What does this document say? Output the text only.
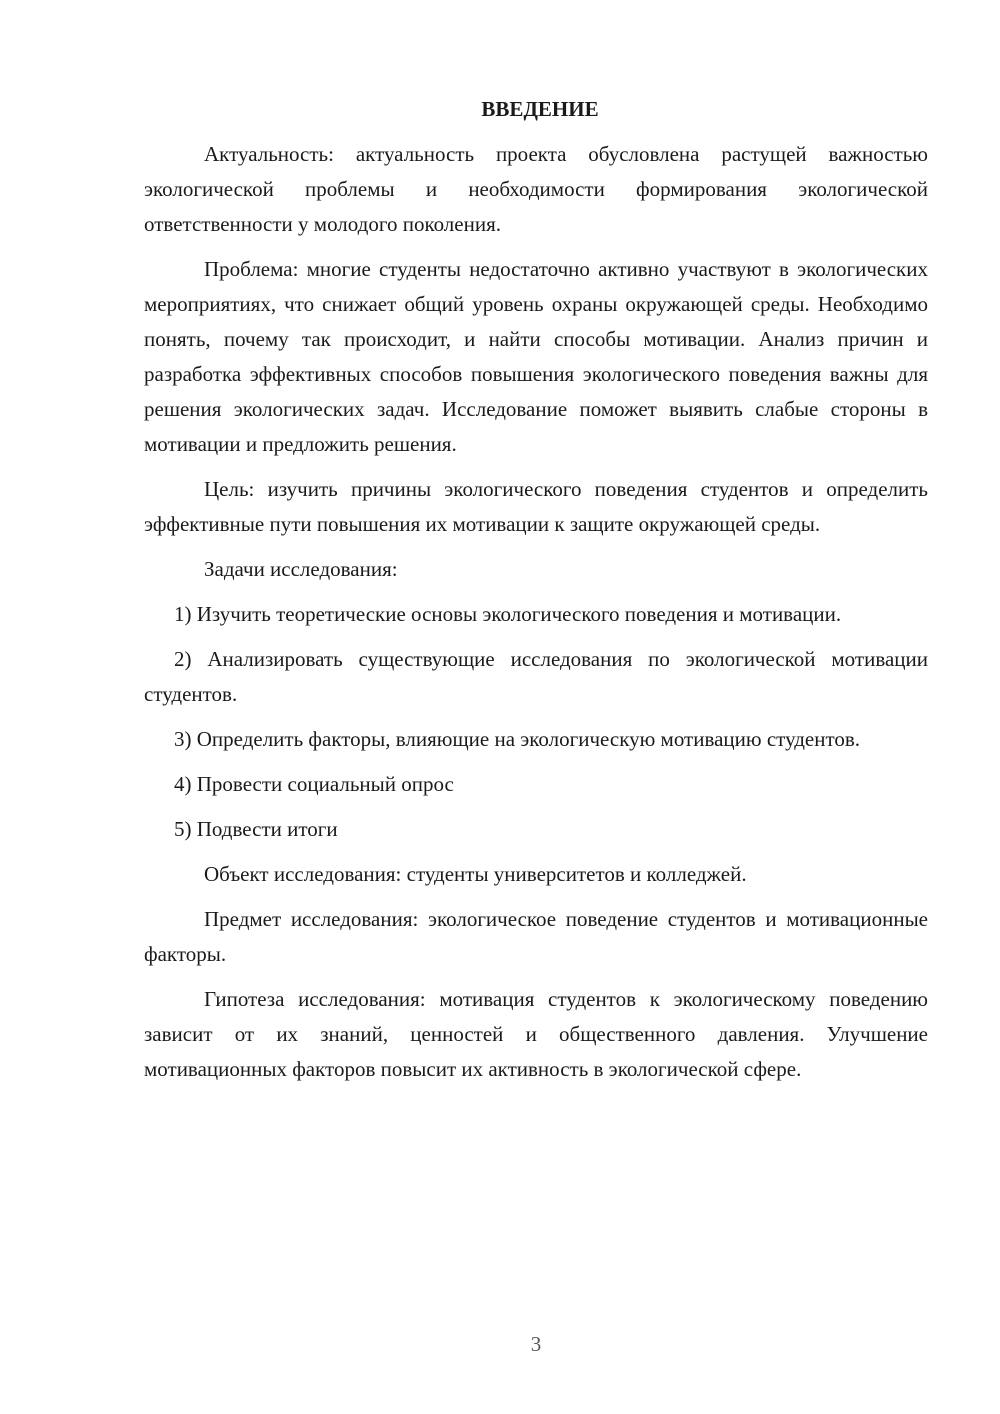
ВВЕДЕНИЕ

Актуальность: актуальность проекта обусловлена растущей важностью экологической проблемы и необходимости формирования экологической ответственности у молодого поколения.

Проблема: многие студенты недостаточно активно участвуют в экологических мероприятиях, что снижает общий уровень охраны окружающей среды. Необходимо понять, почему так происходит, и найти способы мотивации. Анализ причин и разработка эффективных способов повышения экологического поведения важны для решения экологических задач. Исследование поможет выявить слабые стороны в мотивации и предложить решения.

Цель: изучить причины экологического поведения студентов и определить эффективные пути повышения их мотивации к защите окружающей среды.

Задачи исследования:

1) Изучить теоретические основы экологического поведения и мотивации.

2) Анализировать существующие исследования по экологической мотивации студентов.

3) Определить факторы, влияющие на экологическую мотивацию студентов.

4) Провести социальный опрос

5) Подвести итоги

Объект исследования: студенты университетов и колледжей.

Предмет исследования: экологическое поведение студентов и мотивационные факторы.

Гипотеза исследования: мотивация студентов к экологическому поведению зависит от их знаний, ценностей и общественного давления. Улучшение мотивационных факторов повысит их активность в экологической сфере.

3
